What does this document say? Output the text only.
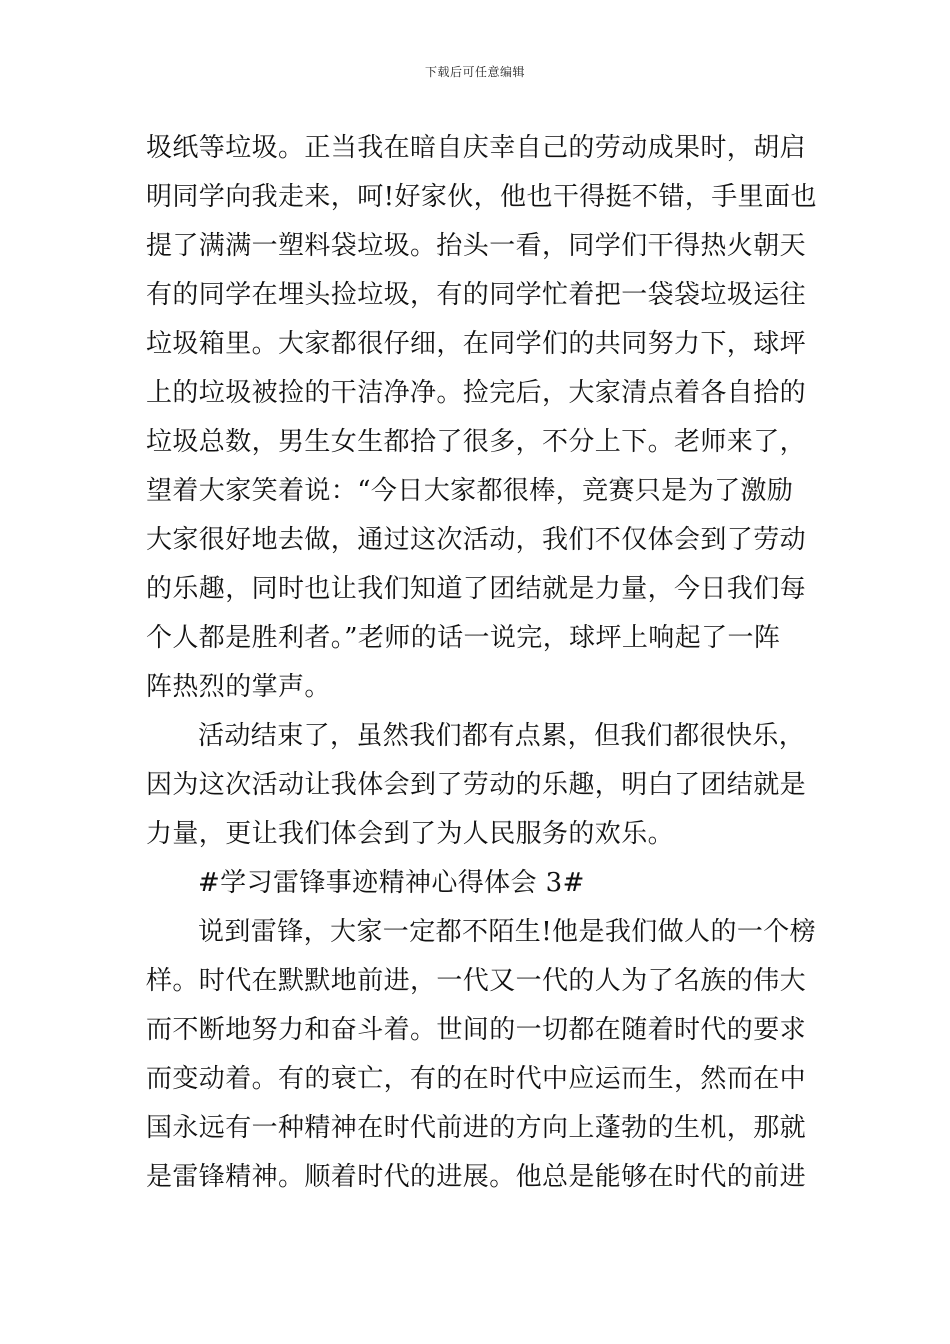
下载后可任意编辑
圾纸等垃圾。正当我在暗自庆幸自己的劳动成果时，胡启
明同学向我走来，呵!好家伙，他也干得挺不错，手里面也
提了满满一塑料袋垃圾。抬头一看，同学们干得热火朝天
有的同学在埋头捡垃圾，有的同学忙着把一袋袋垃圾运往
垃圾箱里。大家都很仔细，在同学们的共同努力下，球坪
上的垃圾被捡的干洁净净。捡完后，大家清点着各自拾的
垃圾总数，男生女生都拾了很多，不分上下。老师来了，
望着大家笑着说：“今日大家都很棒，竞赛只是为了激励
大家很好地去做，通过这次活动，我们不仅体会到了劳动
的乐趣，同时也让我们知道了团结就是力量，今日我们每
个人都是胜利者。”老师的话一说完，球坪上响起了一阵
阵热烈的掌声。
活动结束了，虽然我们都有点累，但我们都很快乐，
因为这次活动让我体会到了劳动的乐趣，明白了团结就是
力量，更让我们体会到了为人民服务的欢乐。
#学习雷锋事迹精神心得体会 3#
说到雷锋，大家一定都不陌生!他是我们做人的一个榜
样。时代在默默地前进，一代又一代的人为了名族的伟大
而不断地努力和奋斗着。世间的一切都在随着时代的要求
而变动着。有的衰亡，有的在时代中应运而生，然而在中
国永远有一种精神在时代前进的方向上蓬勃的生机，那就
是雷锋精神。顺着时代的进展。他总是能够在时代的前进
